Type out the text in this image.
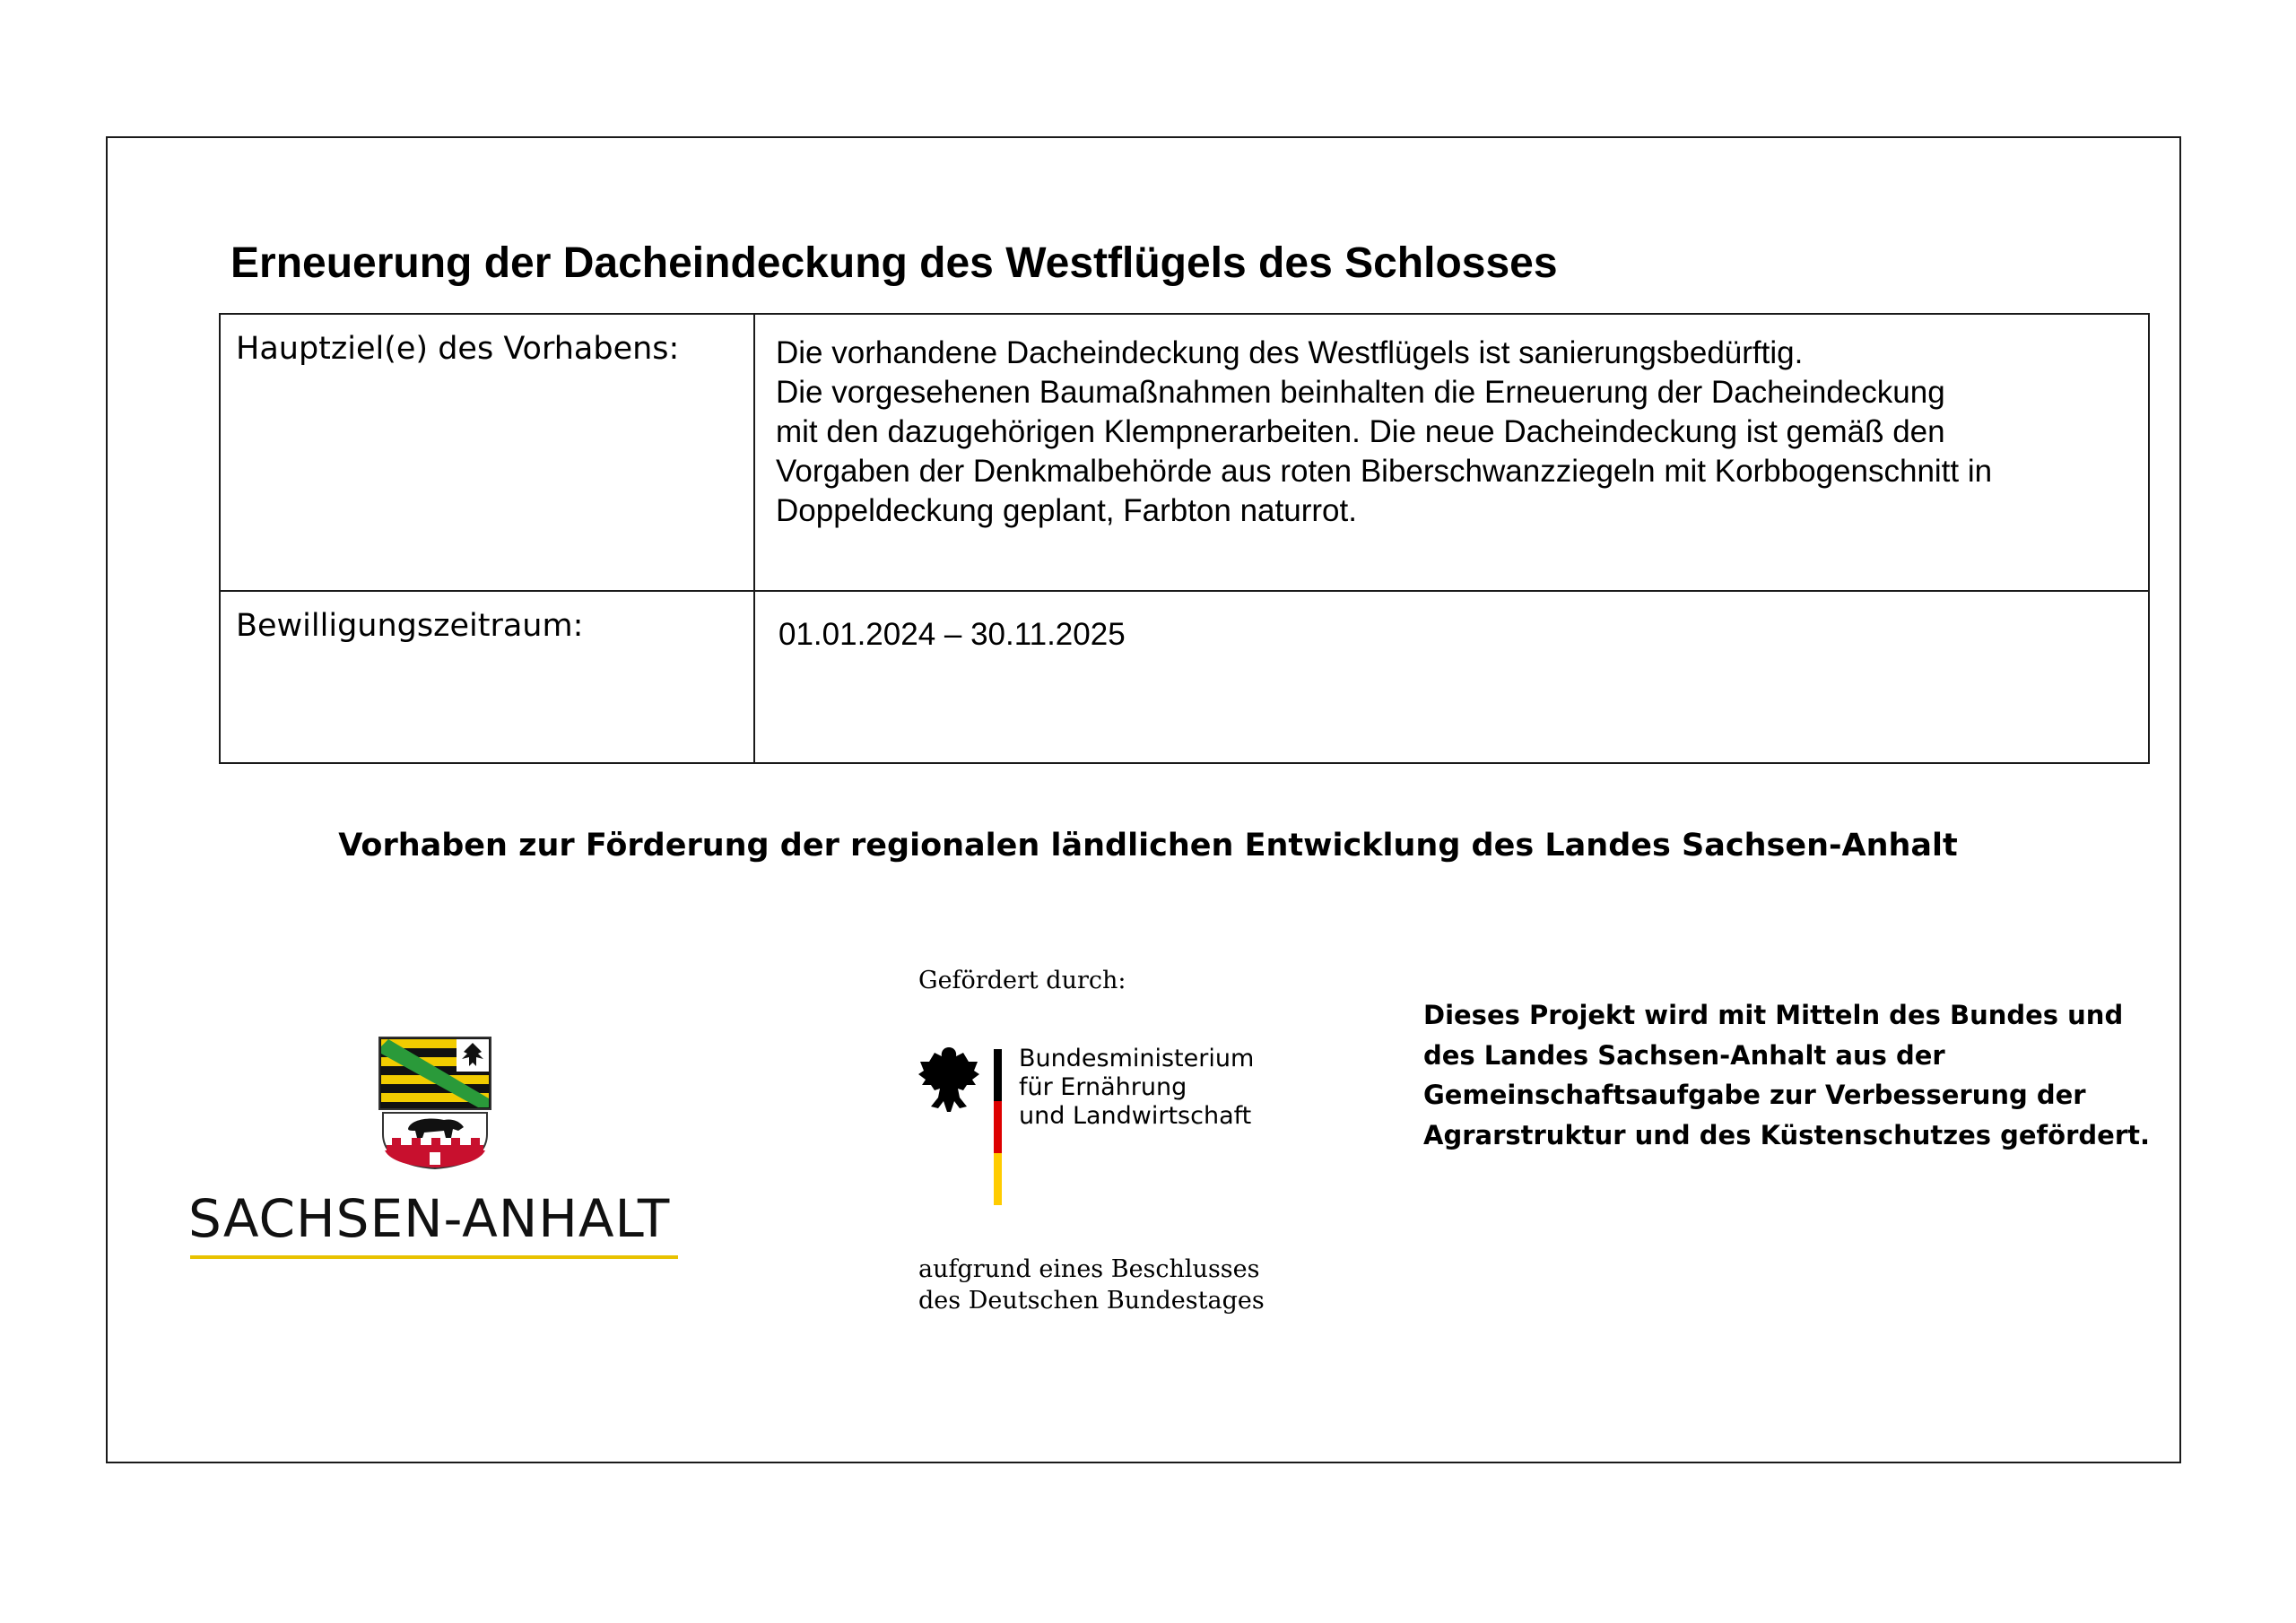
Erneuerung der Dacheindeckung des Westflügels des Schlosses
Hauptziel(e) des Vorhabens:	Die vorhandene Dacheindeckung des Westflügels ist sanierungsbedürftig.
Die vorgesehenen Baumaßnahmen beinhalten die Erneuerung der Dacheindeckung
mit den dazugehörigen Klempnerarbeiten. Die neue Dacheindeckung ist gemäß den
Vorgaben der Denkmalbehörde aus roten Biberschwanzziegeln mit Korbbogenschnitt in
Doppeldeckung geplant, Farbton naturrot.

Bewilligungszeitraum:	01.01.2024 – 30.11.2025
Vorhaben zur Förderung der regionalen ländlichen Entwicklung des Landes Sachsen-Anhalt
SACHSEN-ANHALT
Gefördert durch:
Bundesministerium
für Ernährung
und Landwirtschaft
aufgrund eines Beschlusses
des Deutschen Bundestages
Dieses Projekt wird mit Mitteln des Bundes und
des Landes Sachsen-Anhalt aus der
Gemeinschaftsaufgabe zur Verbesserung der
Agrarstruktur und des Küstenschutzes gefördert.
